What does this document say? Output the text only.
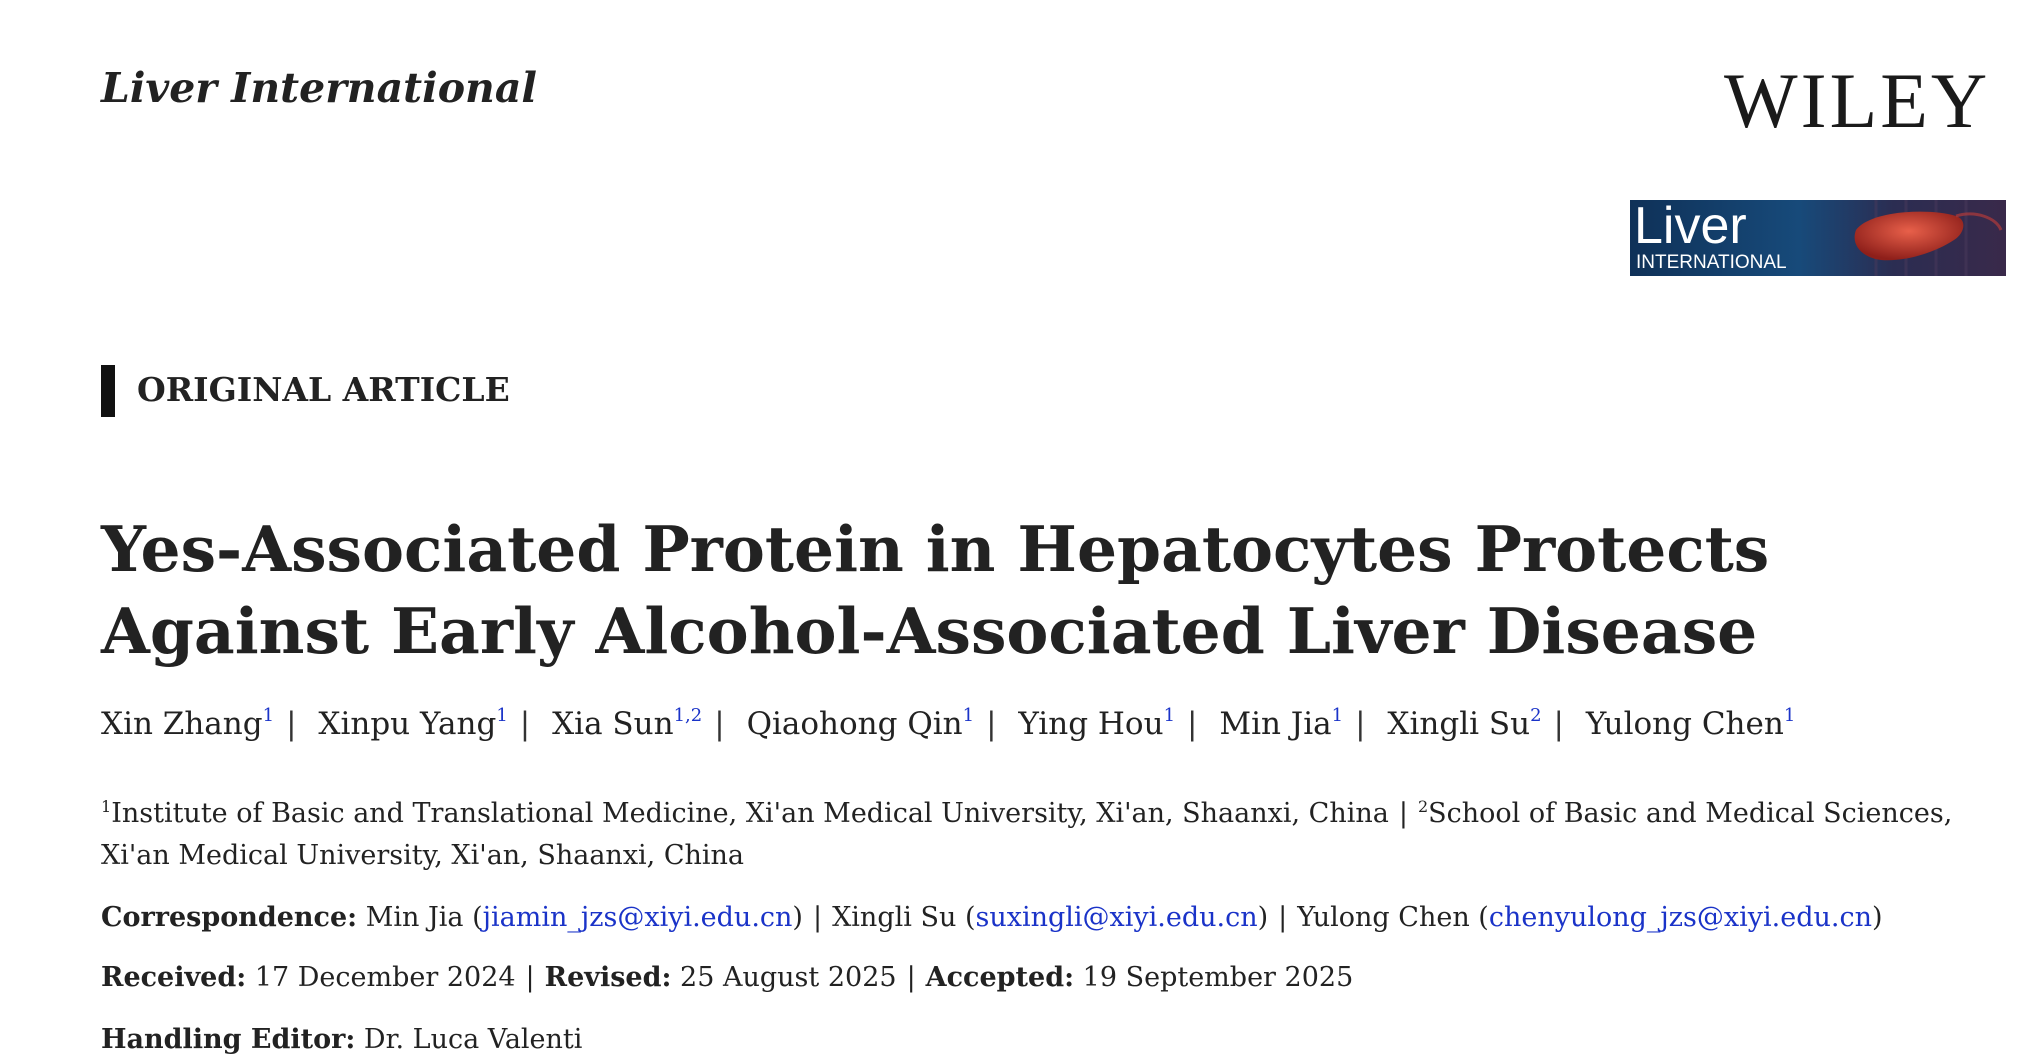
Liver International	WILEY
Liver
INTERNATIONAL
ORIGINAL ARTICLE
Yes-Associated Protein in Hepatocytes Protects Against Early Alcohol-Associated Liver Disease
Xin Zhang$^1$ | Xinpu Yang$^1$ | Xia Sun$^{1,2}$ | Qiaohong Qin$^1$ | Ying Hou$^1$ | Min Jia$^1$ | Xingli Su$^2$ | Yulong Chen$^1$
$^1$Institute of Basic and Translational Medicine, Xi'an Medical University, Xi'an, Shaanxi, China | $^2$School of Basic and Medical Sciences, Xi'an Medical University, Xi'an, Shaanxi, China
Correspondence: Min Jia (jiamin_jzs@xiyi.edu.cn) | Xingli Su (suxingli@xiyi.edu.cn) | Yulong Chen (chenyulong_jzs@xiyi.edu.cn)
Received: 17 December 2024 | Revised: 25 August 2025 | Accepted: 19 September 2025
Handling Editor: Dr. Luca Valenti
